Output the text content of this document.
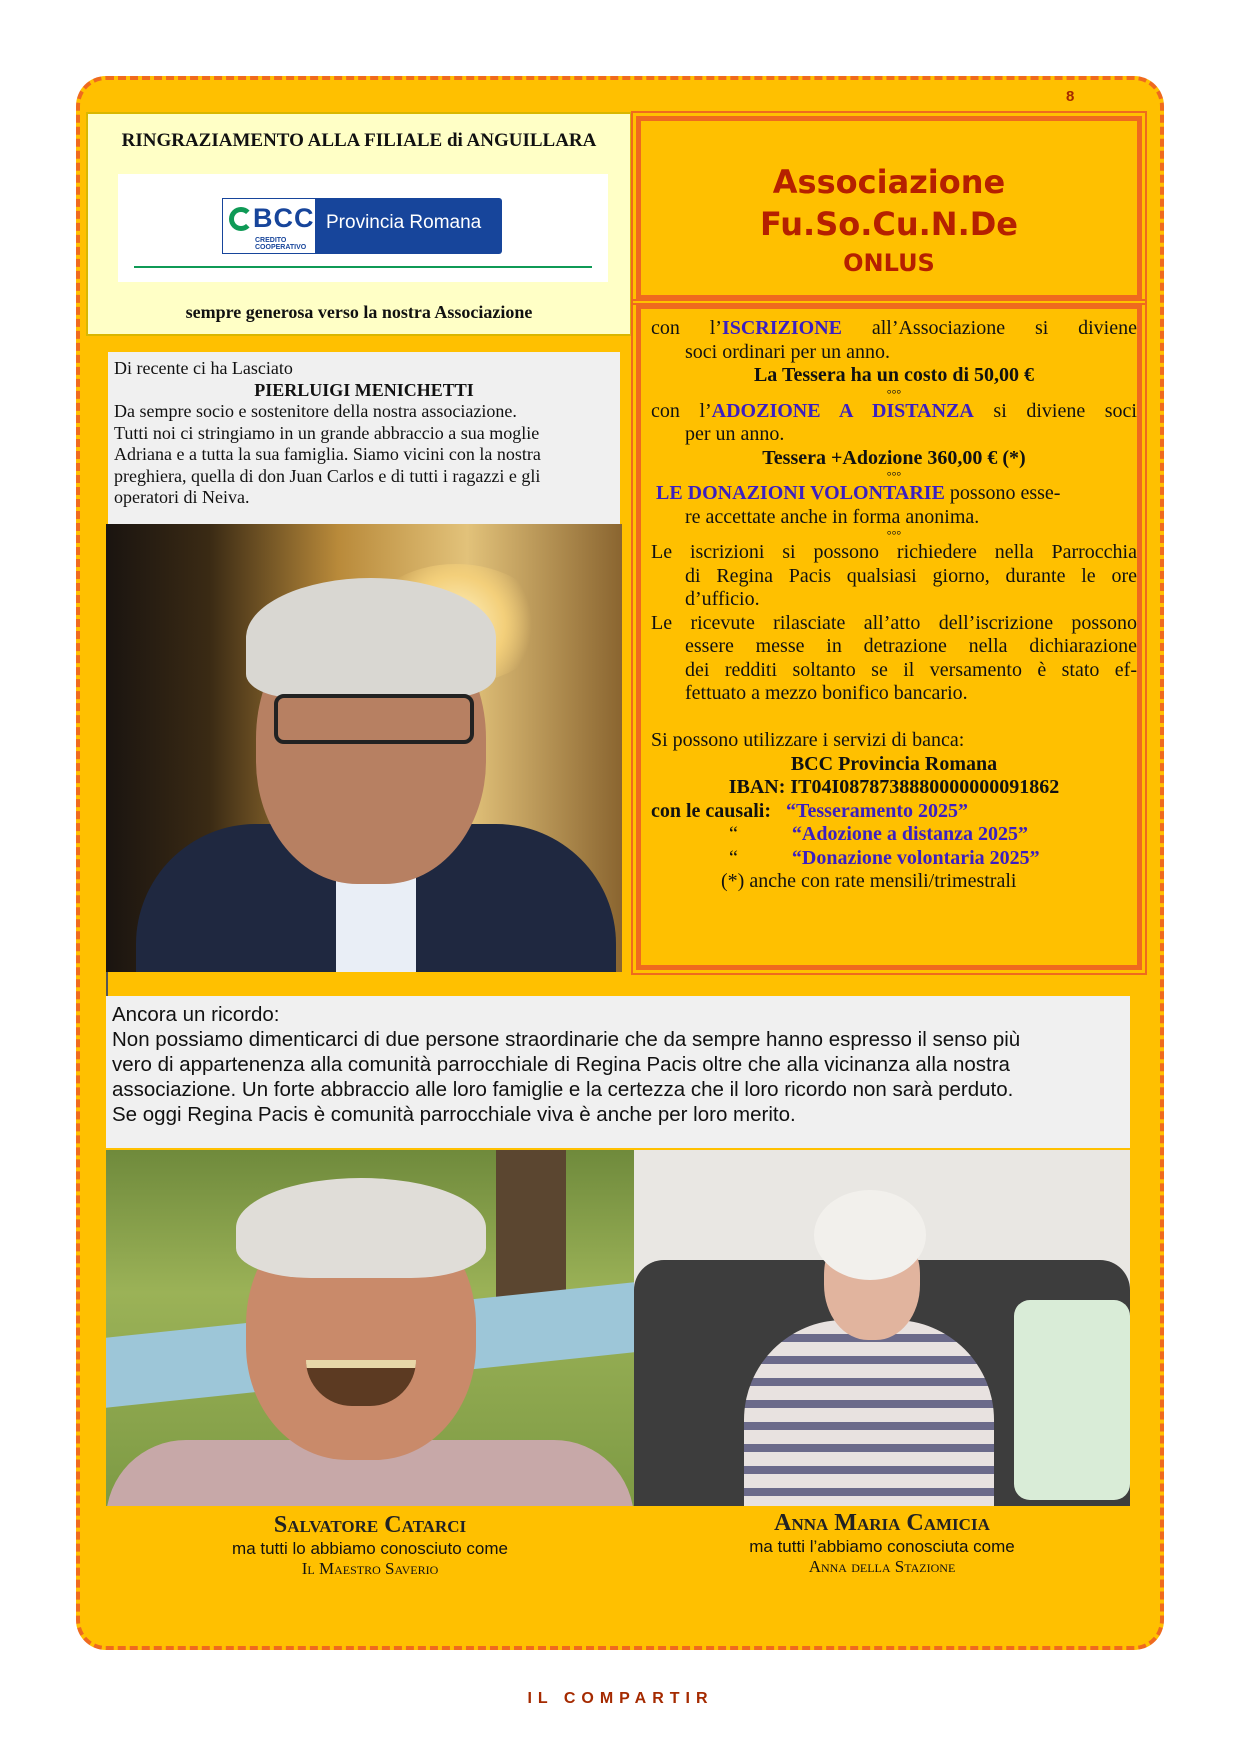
8
RINGRAZIAMENTO ALLA FILIALE di ANGUILLARA
BCC
CREDITO COOPERATIVO
Provincia Romana
sempre generosa verso la nostra Associazione
Associazione
Fu.So.Cu.N.De
ONLUS

con l’ISCRIZIONE all’Associazione si diviene

soci ordinari per un anno.

La Tessera ha un costo di 50,00 €

°°°

con l’ADOZIONE A DISTANZA si diviene soci

per un anno.

Tessera +Adozione 360,00 € (*)

°°°

LE DONAZIONI VOLONTARIE possono esse-

re accettate anche in forma anonima.

°°°

Le iscrizioni si possono richiedere nella Parrocchia

di Regina Pacis qualsiasi giorno, durante le ore

d’ufficio.

Le ricevute rilasciate all’atto dell’iscrizione possono

essere messe in detrazione nella dichiarazione

dei redditi soltanto se il versamento è stato ef-

fettuato a mezzo bonifico bancario.

Si possono utilizzare i servizi di banca:

BCC Provincia Romana

IBAN: IT04I0878738880000000091862

con le causali: “Tesseramento 2025”

“	“Adozione a distanza 2025”

“	“Donazione volontaria 2025”

(*) anche con rate mensili/trimestrali

Di recente ci ha Lasciato

PIERLUIGI MENICHETTI

Da sempre socio e sostenitore della nostra associazione.

Tutti noi ci stringiamo in un grande abbraccio a sua moglie

Adriana e a tutta la sua famiglia. Siamo vicini con la nostra

preghiera, quella di don Juan Carlos e di tutti i ragazzi e gli

operatori di Neiva.

Ancora un ricordo:

Non possiamo dimenticarci di due persone straordinarie che da sempre hanno espresso il senso più

vero di appartenenza alla comunità parrocchiale di Regina Pacis oltre che alla vicinanza alla nostra

associazione. Un forte abbraccio alle loro famiglie e la certezza che il loro ricordo non sarà perduto.

Se oggi Regina Pacis è comunità parrocchiale viva è anche per loro merito.

Salvatore Catarci
ma tutti lo abbiamo conosciuto come
Il Maestro Saverio
Anna Maria Camicia
ma tutti l’abbiamo conosciuta come
Anna della Stazione
IL COMPARTIR
